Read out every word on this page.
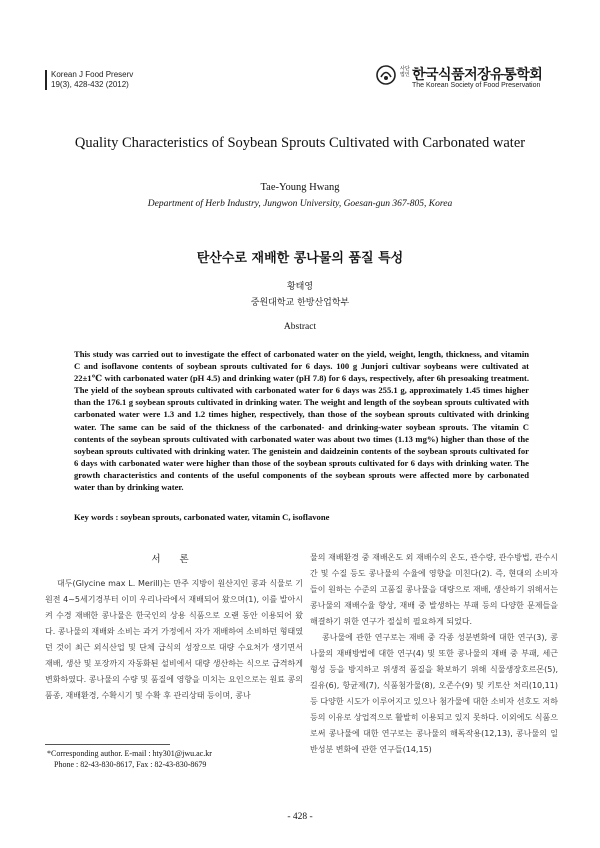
Korean J Food Preserv
19(3), 428-432 (2012)
사단 법인 한국식품저장유통학회
The Korean Society of Food Preservation
Quality Characteristics of Soybean Sprouts Cultivated with Carbonated water
Tae-Young Hwang
Department of Herb Industry, Jungwon University, Goesan-gun 367-805, Korea
탄산수로 재배한 콩나물의 품질 특성
황태영
중원대학교 한방산업학부
Abstract
This study was carried out to investigate the effect of carbonated water on the yield, weight, length, thickness, and vitamin C and isoflavone contents of soybean sprouts cultivated for 6 days. 100 g Junjori cultivar soybeans were cultivated at 22±1℃ with carbonated water (pH 4.5) and drinking water (pH 7.8) for 6 days, respectively, after 6h presoaking treatment. The yield of the soybean sprouts cultivated with carbonated water for 6 days was 255.1 g, approximately 1.45 times higher than the 176.1 g soybean sprouts cultivated in drinking water. The weight and length of the soybean sprouts cultivated with carbonated water were 1.3 and 1.2 times higher, respectively, than those of the soybean sprouts cultivated with drinking water. The same can be said of the thickness of the carbonated- and drinking-water soybean sprouts. The vitamin C contents of the soybean sprouts cultivated with carbonated water was about two times (1.13 mg%) higher than those of the soybean sprouts cultivated with drinking water. The genistein and daidzeinin contents of the soybean sprouts cultivated for 6 days with carbonated water were higher than those of the soybean sprouts cultivated for 6 days with drinking water. The growth characteristics and contents of the useful components of the soybean sprouts were affected more by carbonated water than by drinking water.
Key words : soybean sprouts, carbonated water, vitamin C, isoflavone
서 론

대두(Glycine max L. Merill)는 만주 지방이 원산지인 콩과 식물로 기원전 4~5세기경부터 이미 우리나라에서 재배되어 왔으며(1), 이를 발아시켜 수경 재배한 콩나물은 한국인의 상용 식품으로 오랜 동안 이용되어 왔다. 콩나물의 재배와 소비는 과거 가정에서 자가 재배하여 소비하던 형태였던 것이 최근 외식산업 및 단체 급식의 성장으로 대량 수요처가 생기면서 재배, 생산 및 포장까지 자동화된 설비에서 대량 생산하는 식으로 급격하게 변화하였다. 콩나물의 수량 및 품질에 영향을 미치는 요인으로는 원료 콩의 품종, 재배환경, 수확시기 및 수확 후 관리상태 등이며, 콩나

물의 재배환경 중 재배온도 외 재배수의 온도, 관수량, 관수방법, 관수시간 및 수질 등도 콩나물의 수율에 영향을 미친다(2). 즉, 현대의 소비자들이 원하는 수준의 고품질 콩나물을 대량으로 재배, 생산하기 위해서는 콩나물의 재배수율 향상, 재배 중 발생하는 부패 등의 다양한 문제들을 해결하기 위한 연구가 절실히 필요하게 되었다.

콩나물에 관한 연구로는 재배 중 각종 성분변화에 대한 연구(3), 콩나물의 재배방법에 대한 연구(4) 및 또한 콩나물의 재배 중 부패, 세근 형성 등을 방지하고 위생적 품질을 확보하기 위해 식물생장호르몬(5), 길유(6), 항균제(7), 식품첨가물(8), 오존수(9) 및 키토산 처리(10,11) 등 다양한 시도가 이루어지고 있으나 첨가물에 대한 소비자 선호도 저하 등의 이유로 상업적으로 활발히 이용되고 있지 못하다. 이외에도 식품으로써 콩나물에 대한 연구로는 콩나물의 해독작용(12,13), 콩나물의 일반성분 변화에 관한 연구들(14,15)

*Corresponding author. E-mail : hty301@jwu.ac.kr
Phone : 82-43-830-8617, Fax : 82-43-830-8679
- 428 -
